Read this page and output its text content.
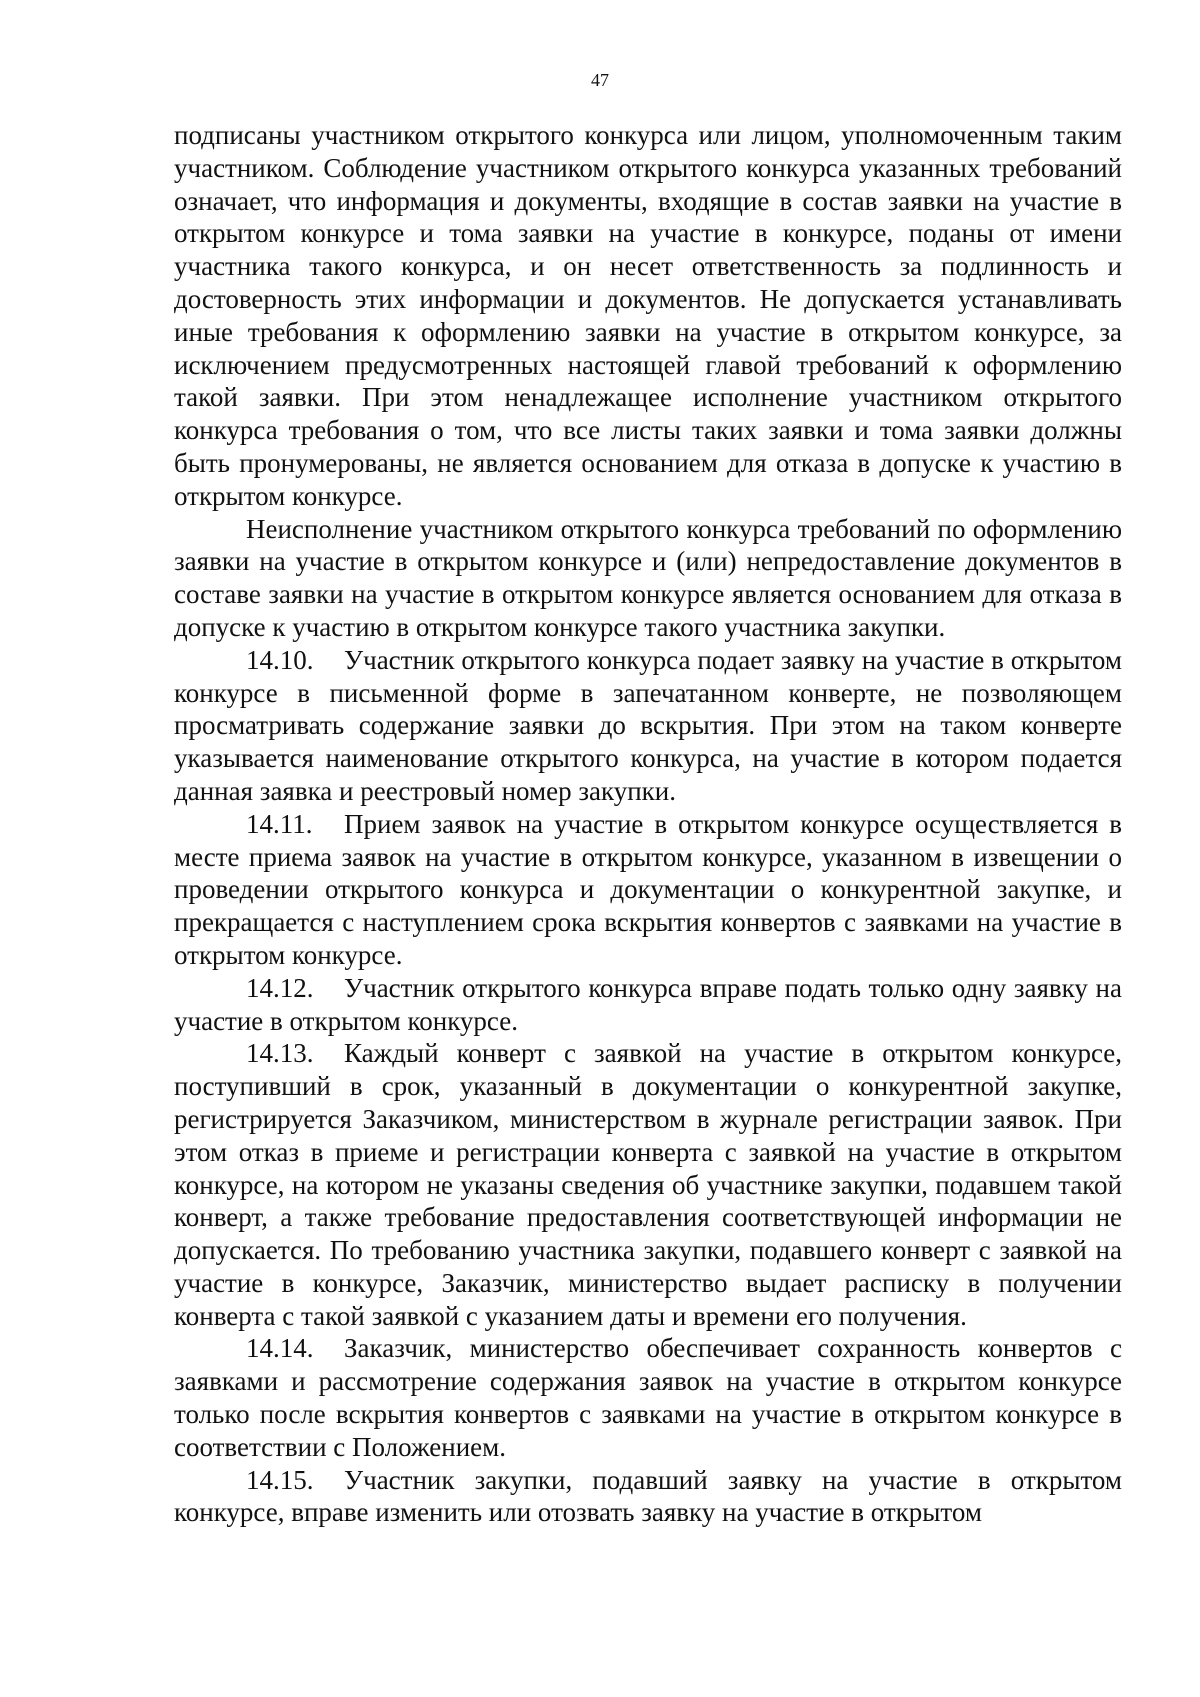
47

подписаны участником открытого конкурса или лицом, уполномоченным таким участником. Соблюдение участником открытого конкурса указанных требований означает, что информация и документы, входящие в состав заявки на участие в открытом конкурсе и тома заявки на участие в конкурсе, поданы от имени участника такого конкурса, и он несет ответственность за подлинность и достоверность этих информации и документов. Не допускается устанавливать иные требования к оформлению заявки на участие в открытом конкурсе, за исключением предусмотренных настоящей главой требований к оформлению такой заявки. При этом ненадлежащее исполнение участником открытого конкурса требования о том, что все листы таких заявки и тома заявки должны быть пронумерованы, не является основанием для отказа в допуске к участию в открытом конкурсе.

Неисполнение участником открытого конкурса требований по оформлению заявки на участие в открытом конкурсе и (или) непредоставление документов в составе заявки на участие в открытом конкурсе является основанием для отказа в допуске к участию в открытом конкурсе такого участника закупки.

14.10. Участник открытого конкурса подает заявку на участие в открытом конкурсе в письменной форме в запечатанном конверте, не позволяющем просматривать содержание заявки до вскрытия. При этом на таком конверте указывается наименование открытого конкурса, на участие в котором подается данная заявка и реестровый номер закупки.

14.11. Прием заявок на участие в открытом конкурсе осуществляется в месте приема заявок на участие в открытом конкурсе, указанном в извещении о проведении открытого конкурса и документации о конкурентной закупке, и прекращается с наступлением срока вскрытия конвертов с заявками на участие в открытом конкурсе.

14.12. Участник открытого конкурса вправе подать только одну заявку на участие в открытом конкурсе.

14.13. Каждый конверт с заявкой на участие в открытом конкурсе, поступивший в срок, указанный в документации о конкурентной закупке, регистрируется Заказчиком, министерством в журнале регистрации заявок. При этом отказ в приеме и регистрации конверта с заявкой на участие в открытом конкурсе, на котором не указаны сведения об участнике закупки, подавшем такой конверт, а также требование предоставления соответствующей информации не допускается. По требованию участника закупки, подавшего конверт с заявкой на участие в конкурсе, Заказчик, министерство выдает расписку в получении конверта с такой заявкой с указанием даты и времени его получения.

14.14. Заказчик, министерство обеспечивает сохранность конвертов с заявками и рассмотрение содержания заявок на участие в открытом конкурсе только после вскрытия конвертов с заявками на участие в открытом конкурсе в соответствии с Положением.

14.15. Участник закупки, подавший заявку на участие в открытом конкурсе, вправе изменить или отозвать заявку на участие в открытом
